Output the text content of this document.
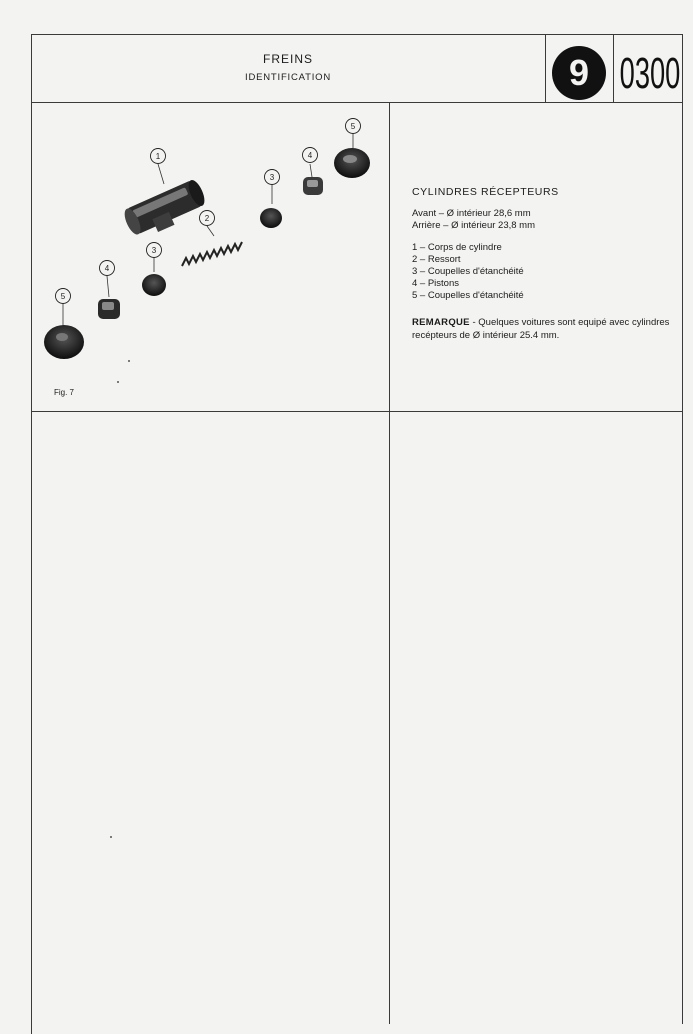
FREINS
IDENTIFICATION	9 0300
1
2
3
4
5
3
4
5
Fig. 7

CYLINDRES RÉCEPTEURS

Avant – Ø intérieur 28,6 mm

Arrière – Ø intérieur 23,8 mm

1 – Corps de cylindre

2 – Ressort

3 – Coupelles d'étanchéité

4 – Pistons

5 – Coupelles d'étanchéité

REMARQUE - Quelques voitures sont equipé avec cylindres recépteurs de Ø intérieur 25.4 mm.
